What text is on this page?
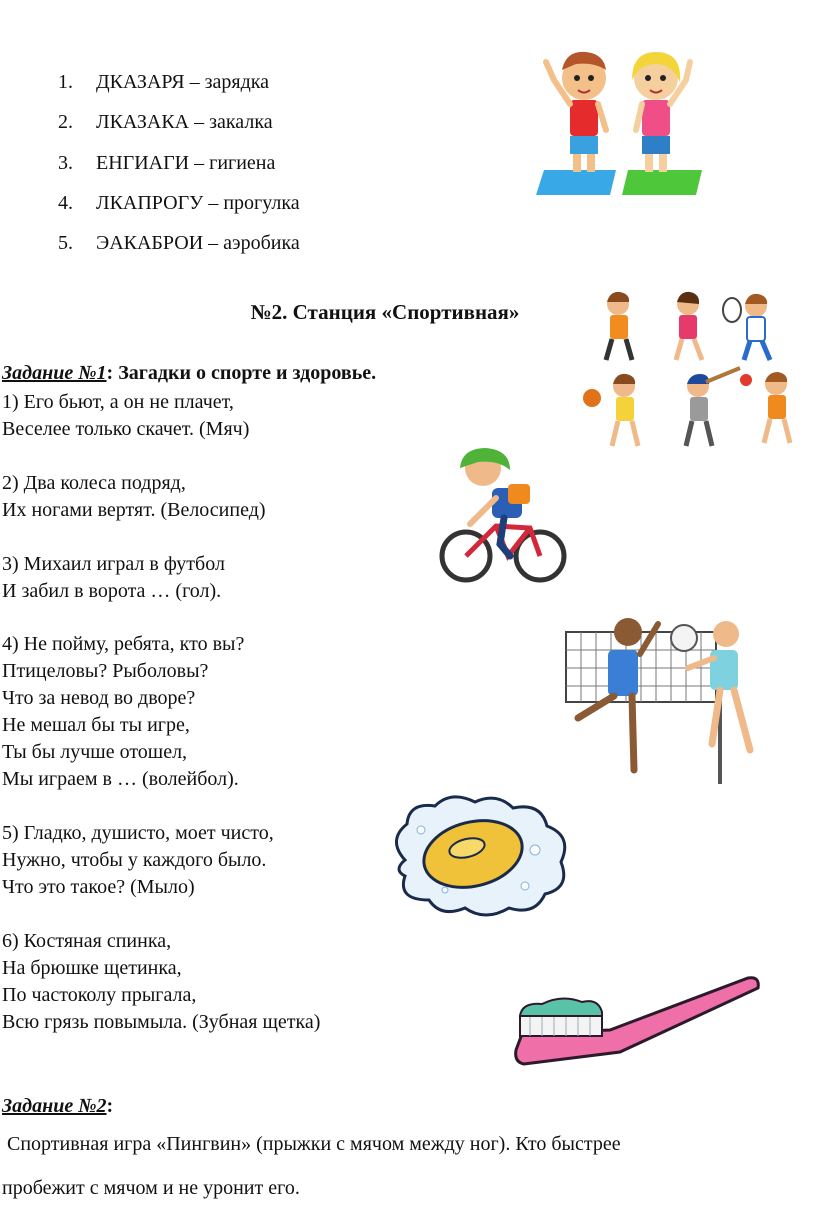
1. ДКАЗАРЯ – зарядка
2. ЛКАЗАКА – закалка
3. ЕНГИАГИ – гигиена
4. ЛКАПРОГУ – прогулка
5. ЭАКАБРОИ – аэробика
№2. Станция «Спортивная»
Задание №1: Загадки о спорте и здоровье.
1) Его бьют, а он не плачет,
Веселее только скачет. (Мяч)
2) Два колеса подряд,
Их ногами вертят. (Велосипед)
3) Михаил играл в футбол
И забил в ворота … (гол).
4) Не пойму, ребята, кто вы?
Птицеловы? Рыболовы?
Что за невод во дворе?
Не мешал бы ты игре,
Ты бы лучше отошел,
Мы играем в … (волейбол).
5) Гладко, душисто, моет чисто,
Нужно, чтобы у каждого было.
Что это такое? (Мыло)
6) Костяная спинка,
На брюшке щетинка,
По частоколу прыгала,
Всю грязь повымыла. (Зубная щетка)
Задание №2:
Спортивная игра «Пингвин» (прыжки с мячом между ног). Кто быстрее
пробежит с мячом и не уронит его.
